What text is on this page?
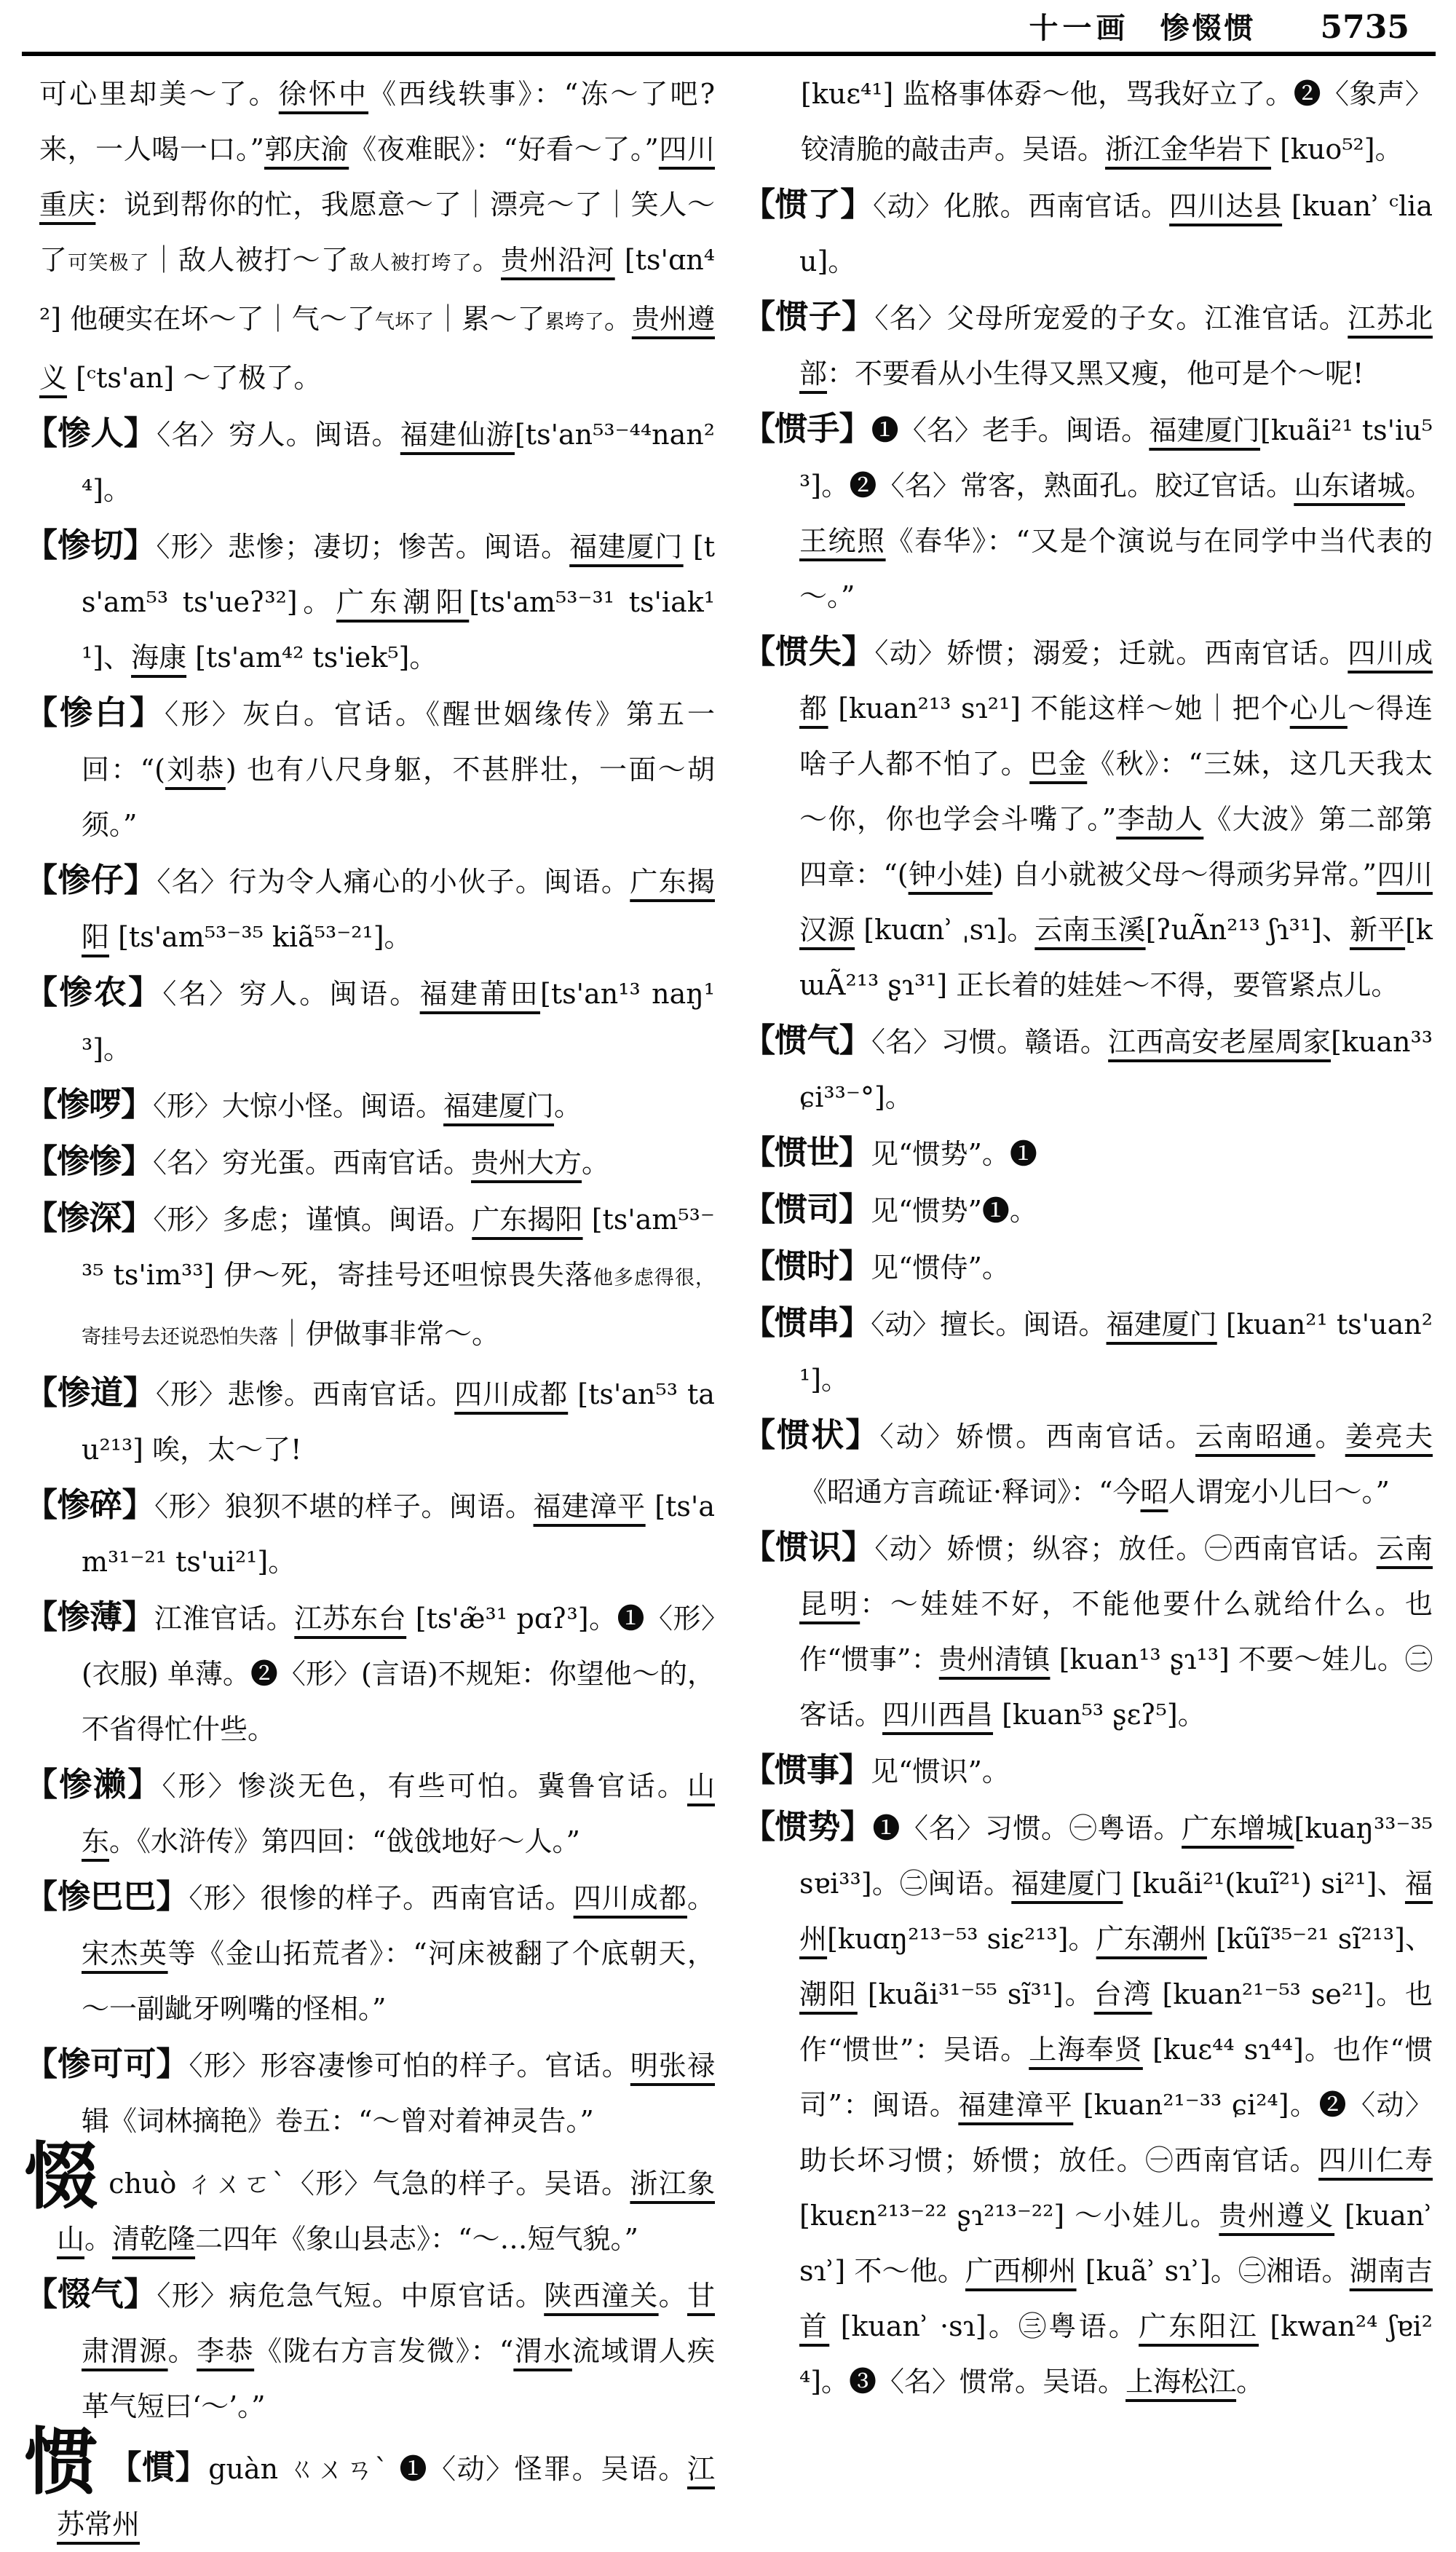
十一画 惨惙惯 5735

可心里却美～了。徐怀中《西线轶事》：“冻～了吧?来，一人喝一口。”郭庆渝《夜难眠》：“好看～了。”四川重庆：说到帮你的忙，我愿意～了｜漂亮～了｜笑人～了可笑极了｜敌人被打～了敌人被打垮了。贵州沿河 [ts'ɑn⁴²] 他硬实在坏～了｜气～了气坏了｜累～了累垮了。贵州遵义 [ᶜts'an] ～了极了。

【惨人】〈名〉穷人。闽语。福建仙游[ts'an⁵³⁻⁴⁴nan²⁴]。

【惨切】〈形〉悲惨；凄切；惨苦。闽语。福建厦门 [ts'am⁵³ ts'ueʔ³²]。广东潮阳[ts'am⁵³⁻³¹ ts'iak¹¹]、海康 [ts'am⁴² ts'iek⁵]。

【惨白】〈形〉灰白。官话。《醒世姻缘传》第五一回：“(刘恭) 也有八尺身躯，不甚胖壮，一面～胡须。”

【惨仔】〈名〉行为令人痛心的小伙子。闽语。广东揭阳 [ts'am⁵³⁻³⁵ kiã⁵³⁻²¹]。

【惨农】〈名〉穷人。闽语。福建莆田[ts'an¹³ naŋ¹³]。

【惨啰】〈形〉大惊小怪。闽语。福建厦门。

【惨惨】〈名〉穷光蛋。西南官话。贵州大方。

【惨深】〈形〉多虑；谨慎。闽语。广东揭阳 [ts'am⁵³⁻³⁵ ts'im³³] 伊～死，寄挂号还呾惊畏失落他多虑得很，寄挂号去还说恐怕失落｜伊做事非常～。

【惨道】〈形〉悲惨。西南官话。四川成都 [ts'an⁵³ tau²¹³] 唉，太～了!

【惨碎】〈形〉狼狈不堪的样子。闽语。福建漳平 [ts'am³¹⁻²¹ ts'ui²¹]。

【惨薄】江淮官话。江苏东台 [ts'æ̃³¹ pɑʔ³]。❶〈形〉(衣服) 单薄。❷〈形〉(言语)不规矩：你望他～的，不省得忙什些。

【惨濑】〈形〉惨淡无色，有些可怕。冀鲁官话。山东。《水浒传》第四回：“戗戗地好～人。”

【惨巴巴】〈形〉很惨的样子。西南官话。四川成都。宋杰英等《金山拓荒者》：“河床被翻了个底朝天，～一副龇牙咧嘴的怪相。”

【惨可可】〈形〉形容凄惨可怕的样子。官话。明张禄辑《词林摘艳》卷五：“～曾对着神灵告。”

惙chuò ㄔㄨㄛˋ〈形〉气急的样子。吴语。浙江象山。清乾隆二四年《象山县志》：“～…短气貌。”

【惙气】〈形〉病危急气短。中原官话。陕西潼关。甘肃渭源。李恭《陇右方言发微》：“渭水流域谓人疾革气短曰‘～’。”

惯 【慣】guàn ㄍㄨㄢˋ ❶〈动〉怪罪。吴语。江苏常州

[kuɛ⁴¹] 监格事体孬～他，骂我好立了。❷〈象声〉铰清脆的敲击声。吴语。浙江金华岩下 [kuo⁵²]。

【惯了】〈动〉化脓。西南官话。四川达县 [kuanʾ ᶜliau]。

【惯子】〈名〉父母所宠爱的子女。江淮官话。江苏北部：不要看从小生得又黑又瘦，他可是个～呢!

【惯手】❶〈名〉老手。闽语。福建厦门[kuãi²¹ ts'iu⁵³]。❷〈名〉常客，熟面孔。胶辽官话。山东诸城。王统照《春华》：“又是个演说与在同学中当代表的～。”

【惯失】〈动〉娇惯；溺爱；迁就。西南官话。四川成都 [kuan²¹³ sɿ²¹] 不能这样～她｜把个心儿～得连啥子人都不怕了。巴金《秋》：“三妹，这几天我太～你，你也学会斗嘴了。”李劼人《大波》第二部第四章：“(钟小娃) 自小就被父母～得顽劣异常。”四川汉源 [kuɑnʾ ˌsɿ]。云南玉溪[ʔuÃn²¹³ ʃɿ³¹]、新平[kɯÃ²¹³ ʂɿ³¹] 正长着的娃娃～不得，要管紧点儿。

【惯气】〈名〉习惯。赣语。江西高安老屋周家[kuan³³ ɕi³³⁻°]。

【惯世】见“惯势”。❶

【惯司】见“惯势”❶。

【惯时】见“惯侍”。

【惯串】〈动〉擅长。闽语。福建厦门 [kuan²¹ ts'uan²¹]。

【惯状】〈动〉娇惯。西南官话。云南昭通。姜亮夫《昭通方言疏证·释词》：“今昭人谓宠小儿曰～。”

【惯识】〈动〉娇惯；纵容；放任。㊀西南官话。云南昆明：～娃娃不好，不能他要什么就给什么。也作“惯事”：贵州清镇 [kuan¹³ ʂɿ¹³] 不要～娃儿。㊁客话。四川西昌 [kuan⁵³ ʂɛʔ⁵]。

【惯事】见“惯识”。

【惯势】❶〈名〉习惯。㊀粤语。广东增城[kuaŋ³³⁻³⁵ sɐi³³]。㊁闽语。福建厦门 [kuãi²¹(kuĩ²¹) si²¹]、福州[kuɑŋ²¹³⁻⁵³ siɛ²¹³]。广东潮州 [kũĩ³⁵⁻²¹ sĩ²¹³]、潮阳 [kuãi³¹⁻⁵⁵ sĩ³¹]。台湾 [kuan²¹⁻⁵³ se²¹]。也作“惯世”：吴语。上海奉贤 [kuɛ⁴⁴ sɿ⁴⁴]。也作“惯司”：闽语。福建漳平 [kuan²¹⁻³³ ɕi²⁴]。❷〈动〉助长坏习惯；娇惯；放任。㊀西南官话。四川仁寿[kuɛn²¹³⁻²² ʂɿ²¹³⁻²²] ～小娃儿。贵州遵义 [kuanʾ sɿʾ] 不～他。广西柳州 [kuãʾ sɿʾ]。㊁湘语。湖南吉首 [kuanʾ ·sɿ]。㊂粤语。广东阳江 [kwan²⁴ ʃɐi²⁴]。❸〈名〉惯常。吴语。上海松江。
